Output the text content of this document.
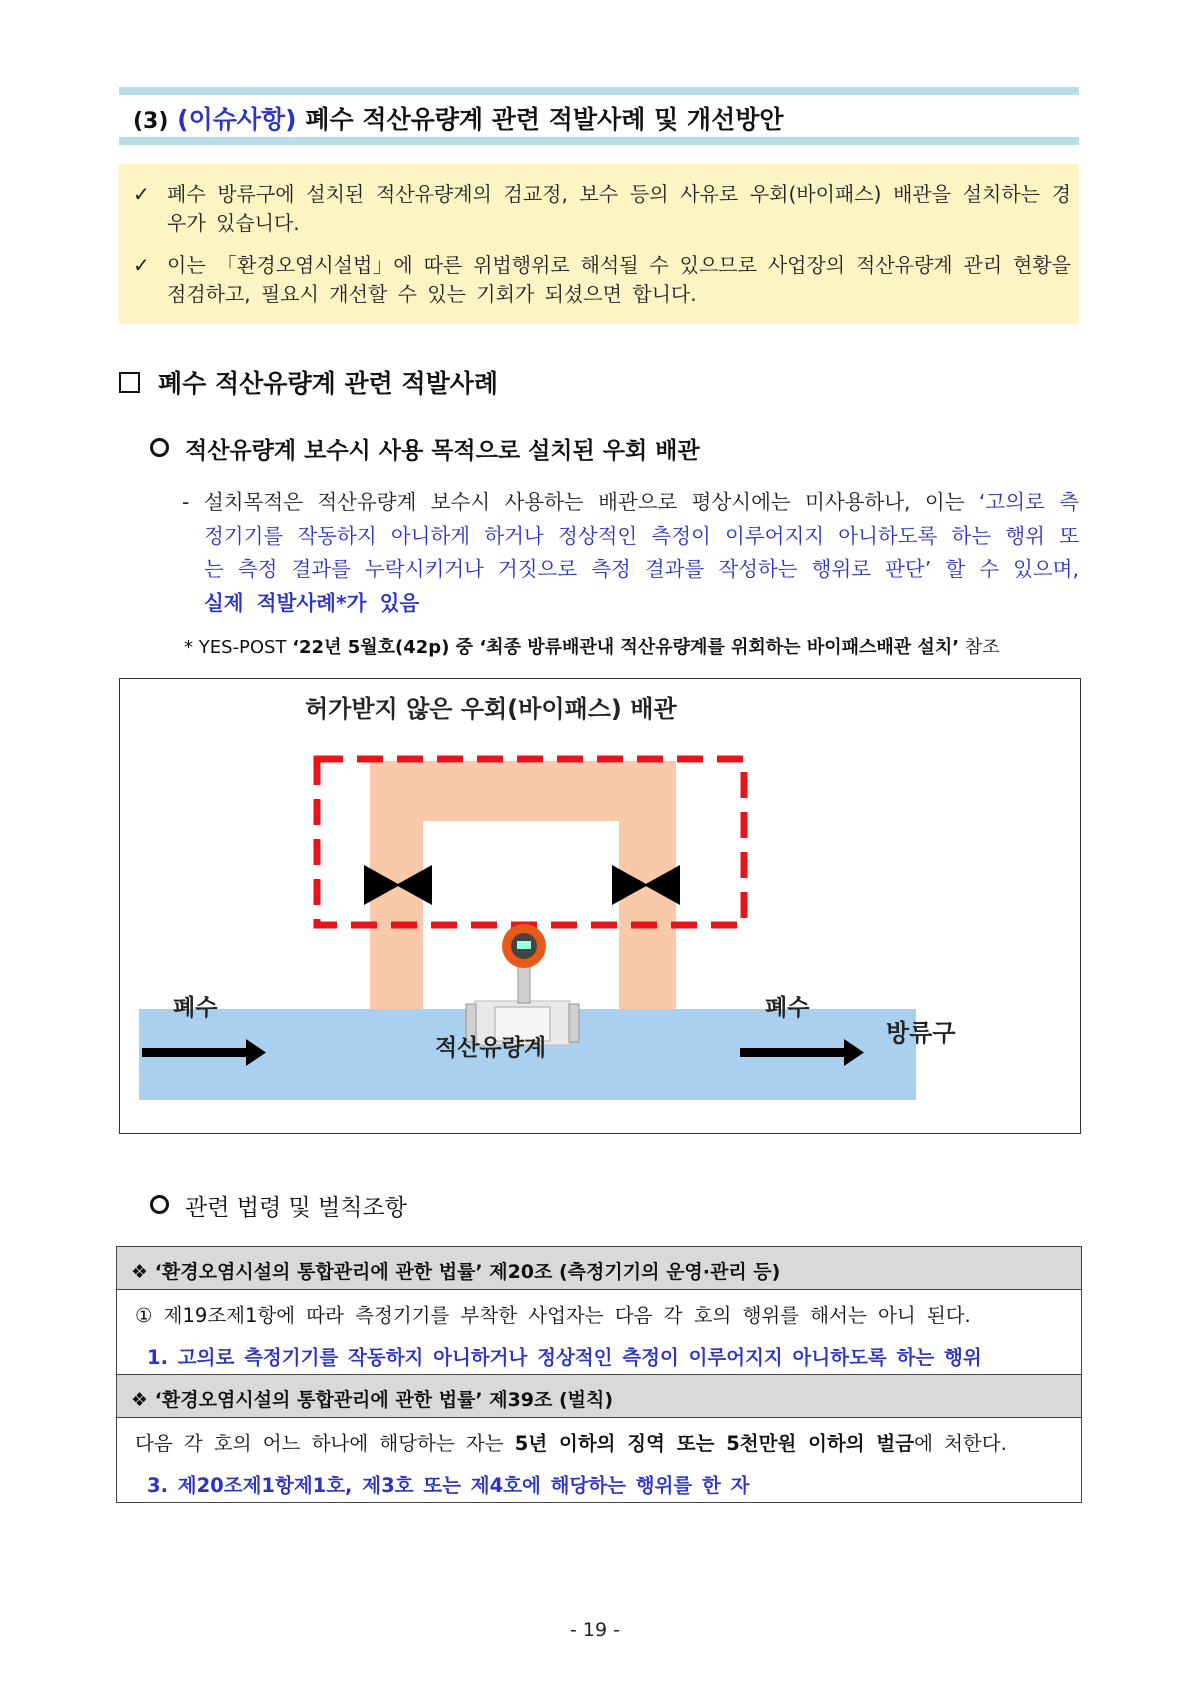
(3) (이슈사항) 폐수 적산유량계 관련 적발사례 및 개선방안
✓ 폐수 방류구에 설치된 적산유량계의 검교정, 보수 등의 사유로 우회(바이패스) 배관을 설치하는 경우가 있습니다.
✓ 이는 「환경오염시설법」에 따른 위법행위로 해석될 수 있으므로 사업장의 적산유량계 관리 현황을 점검하고, 필요시 개선할 수 있는 기회가 되셨으면 합니다.
폐수 적산유량계 관련 적발사례
적산유량계 보수시 사용 목적으로 설치된 우회 배관
- 설치목적은 적산유량계 보수시 사용하는 배관으로 평상시에는 미사용하나, 이는 ‘고의로 측정기기를 작동하지 아니하게 하거나 정상적인 측정이 이루어지지 아니하도록 하는 행위 또는 측정 결과를 누락시키거나 거짓으로 측정 결과를 작성하는 행위로 판단’ 할 수 있으며, 실제 적발사례*가 있음
* YES-POST ‘22년 5월호(42p) 중 ‘최종 방류배관내 적산유량계를 위회하는 바이패스배관 설치’ 참조
허가받지 않은 우회(바이패스) 배관
폐수	폐수
적산유량계
방류구
관련 법령 및 벌칙조항
❖ ‘환경오염시설의 통합관리에 관한 법률’ 제20조 (측정기기의 운영·관리 등)
① 제19조제1항에 따라 측정기기를 부착한 사업자는 다음 각 호의 행위를 해서는 아니 된다.
1. 고의로 측정기기를 작동하지 아니하거나 정상적인 측정이 이루어지지 아니하도록 하는 행위
❖ ‘환경오염시설의 통합관리에 관한 법률’ 제39조 (벌칙)
다음 각 호의 어느 하나에 해당하는 자는 5년 이하의 징역 또는 5천만원 이하의 벌금에 처한다.
3. 제20조제1항제1호, 제3호 또는 제4호에 해당하는 행위를 한 자
- 19 -
